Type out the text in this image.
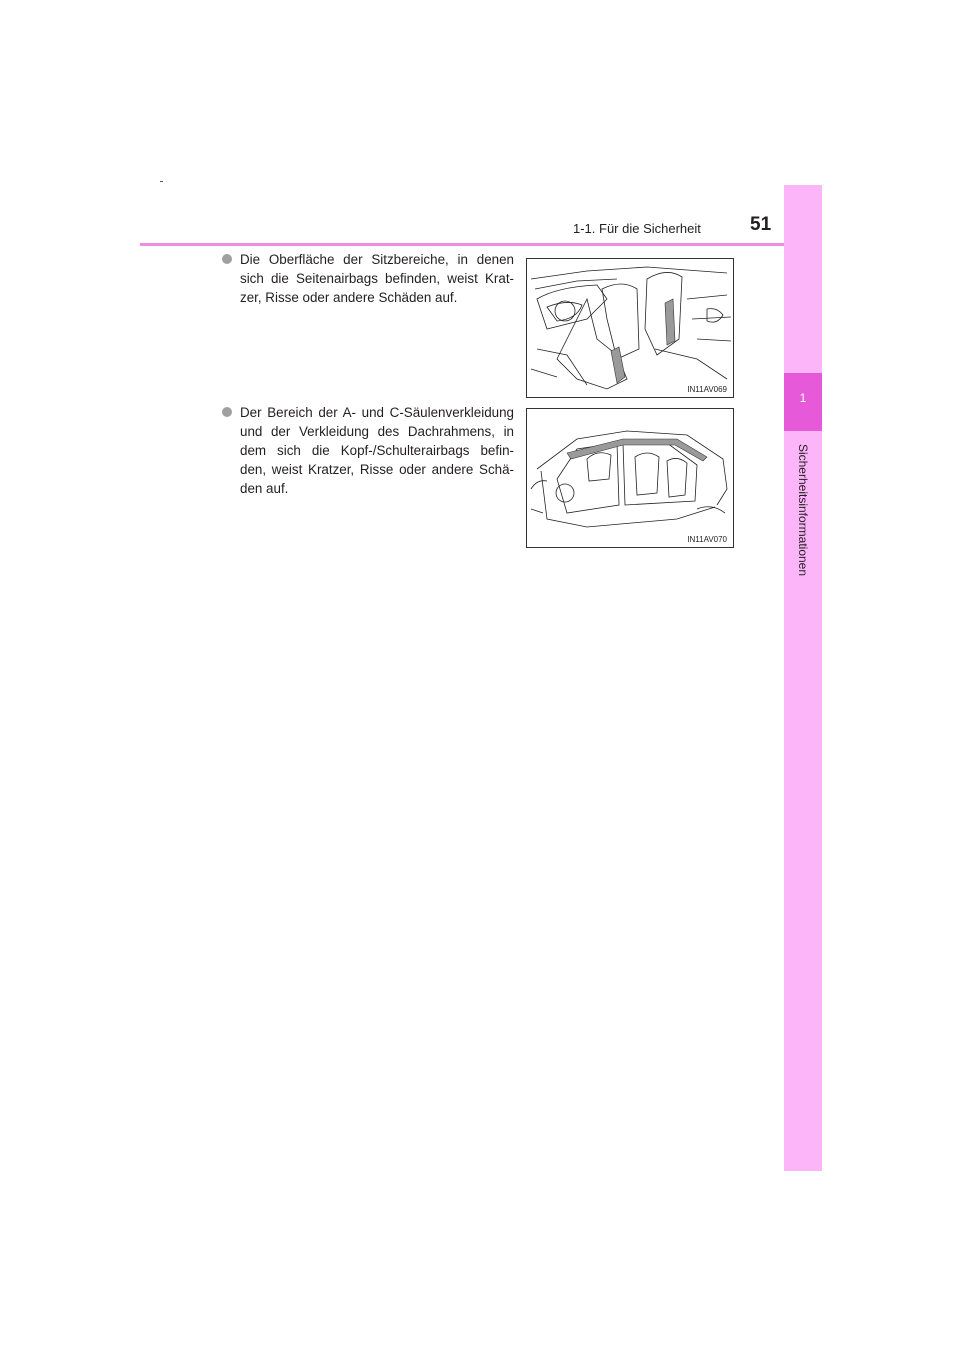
1-1. Für die Sicherheit	51
1
Sicherheitsinformationen
Die Oberfläche der Sitzbereiche, in denen
sich die Seitenairbags befinden, weist Krat-
zer, Risse oder andere Schäden auf.
IN11AV069
Der Bereich der A- und C-Säulenverkleidung
und der Verkleidung des Dachrahmens, in
dem sich die Kopf-/Schulterairbags befin-
den, weist Kratzer, Risse oder andere Schä-
den auf.
IN11AV070
